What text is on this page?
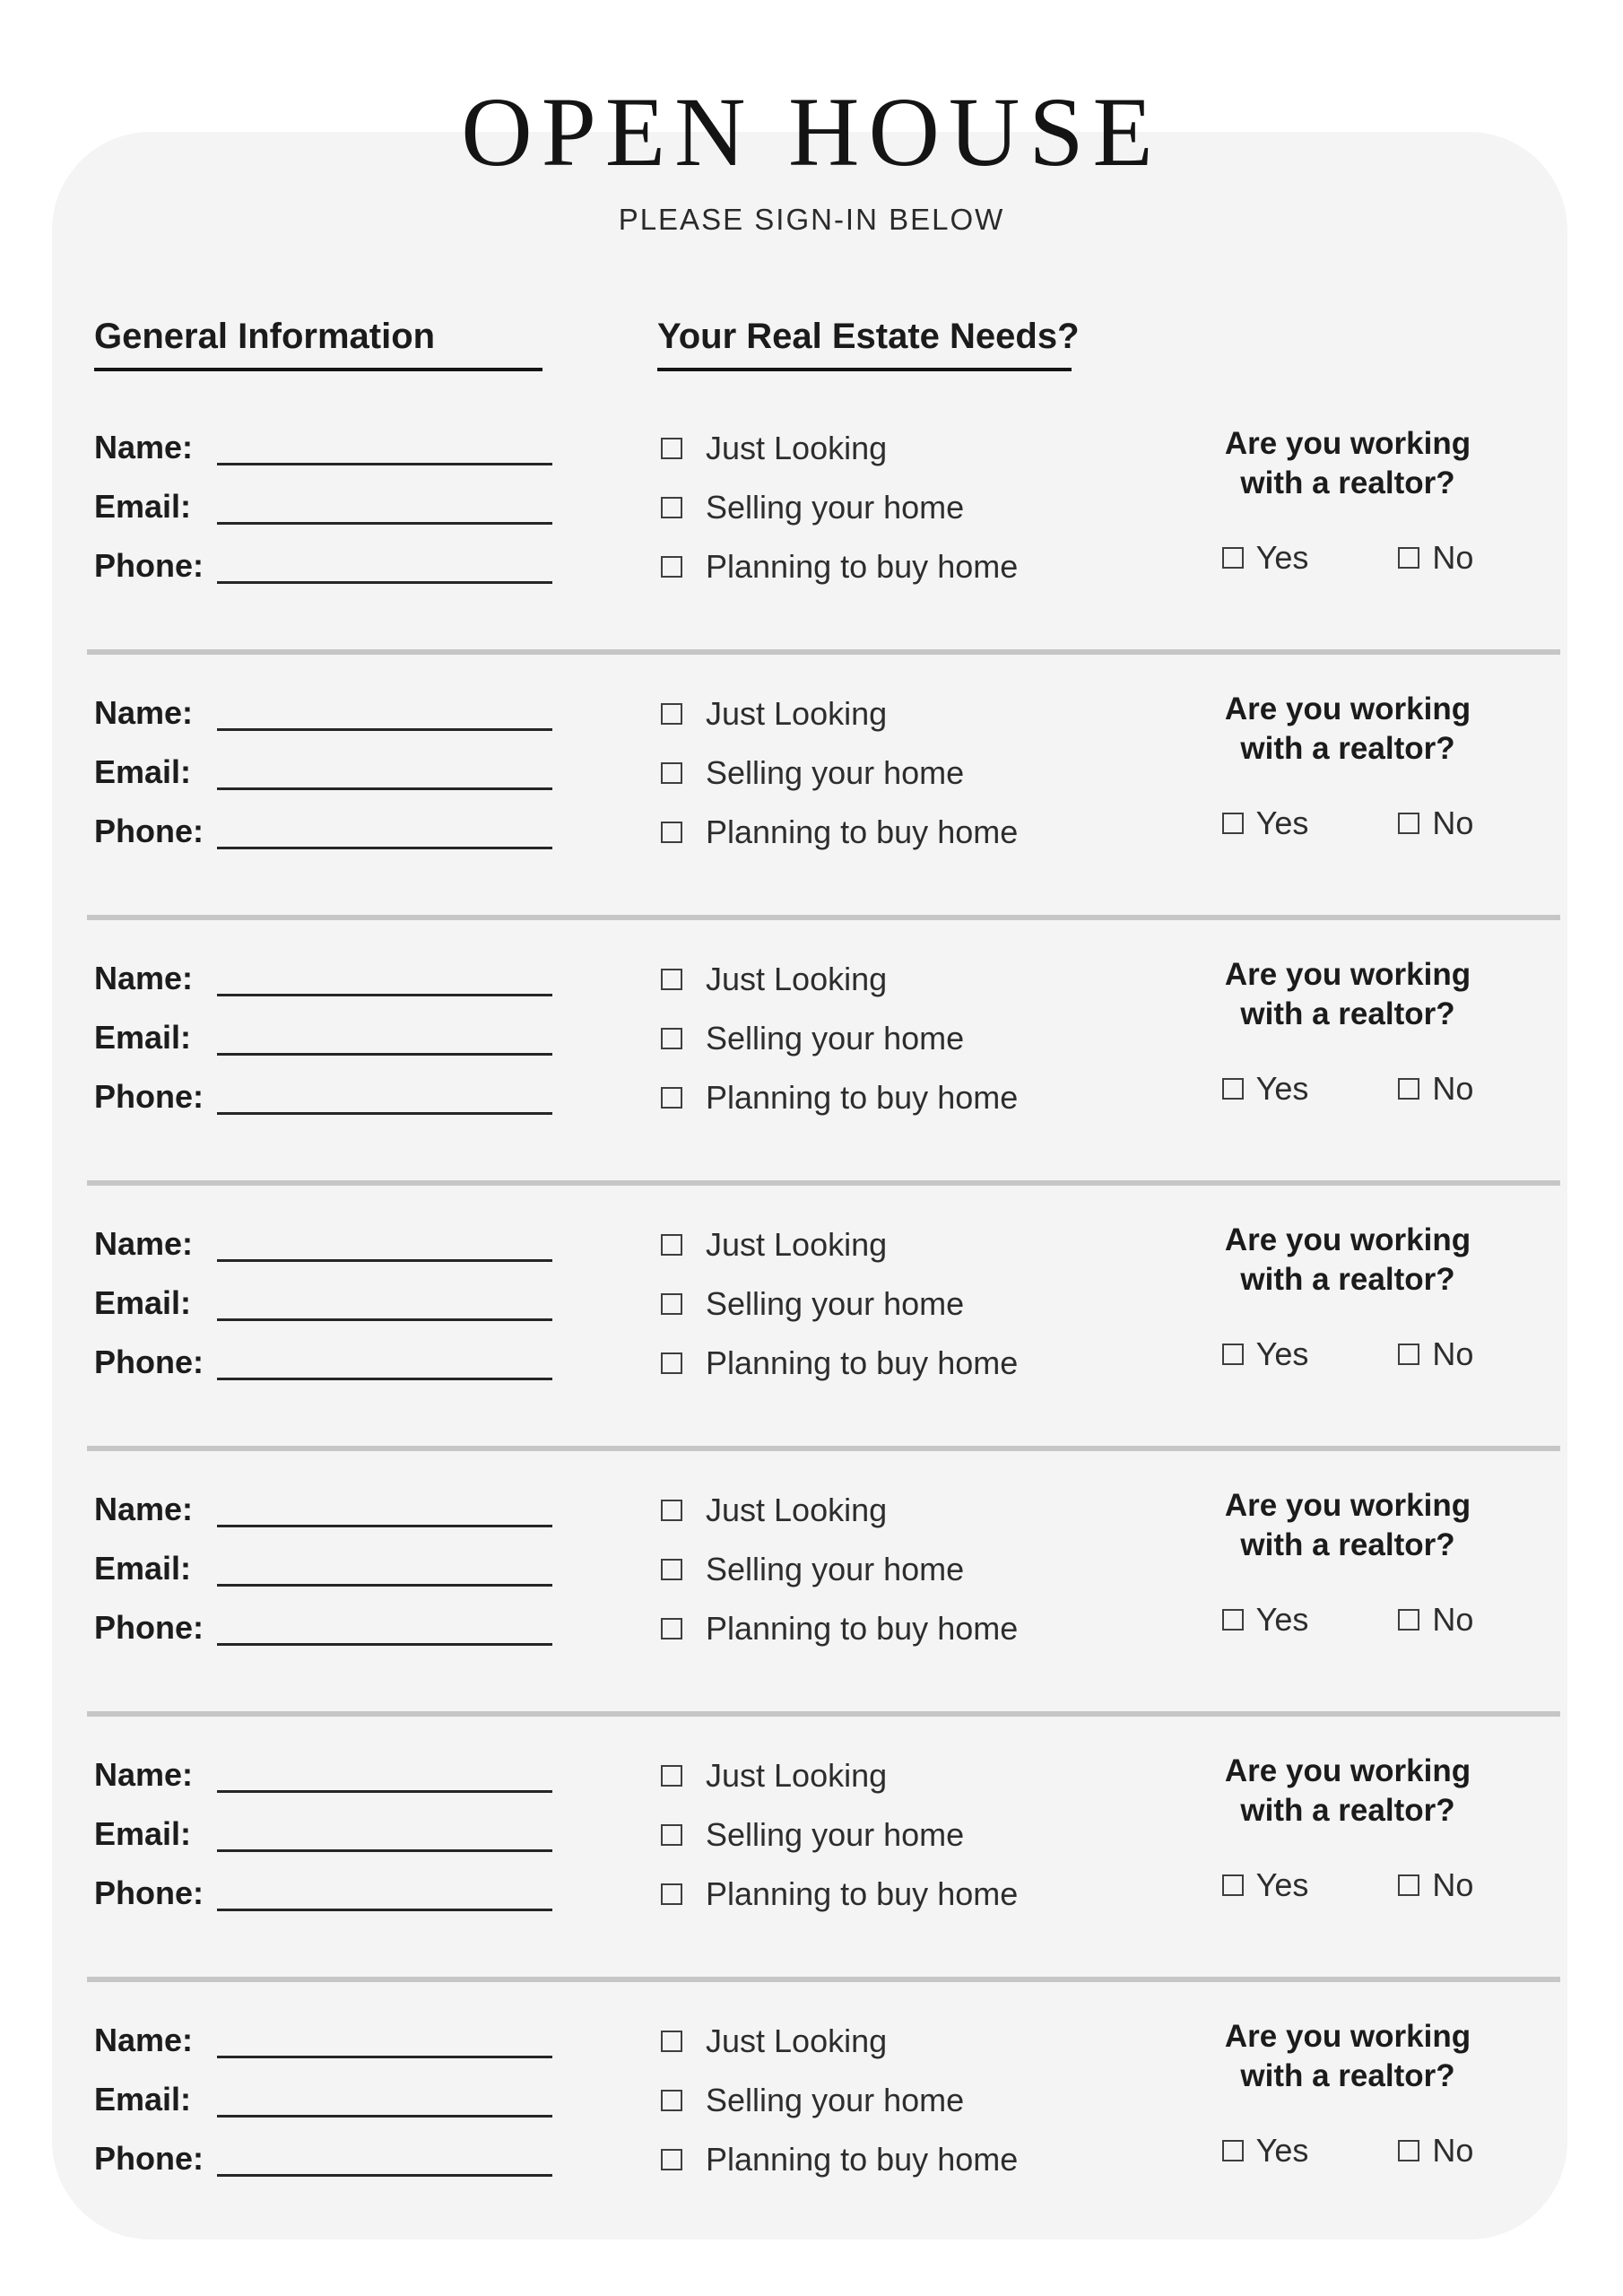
General Information	Your Real Estate Needs?
Name:
Email:
Phone:
Just Looking
Selling your home
Planning to buy home
Are you working
with a realtor?
Yes	No
Name:
Email:
Phone:
Just Looking
Selling your home
Planning to buy home
Are you working
with a realtor?
Yes	No
Name:
Email:
Phone:
Just Looking
Selling your home
Planning to buy home
Are you working
with a realtor?
Yes	No
Name:
Email:
Phone:
Just Looking
Selling your home
Planning to buy home
Are you working
with a realtor?
Yes	No
Name:
Email:
Phone:
Just Looking
Selling your home
Planning to buy home
Are you working
with a realtor?
Yes	No
Name:
Email:
Phone:
Just Looking
Selling your home
Planning to buy home
Are you working
with a realtor?
Yes	No
Name:
Email:
Phone:
Just Looking
Selling your home
Planning to buy home
Are you working
with a realtor?
Yes	No
OPEN HOUSE
PLEASE SIGN-IN BELOW
